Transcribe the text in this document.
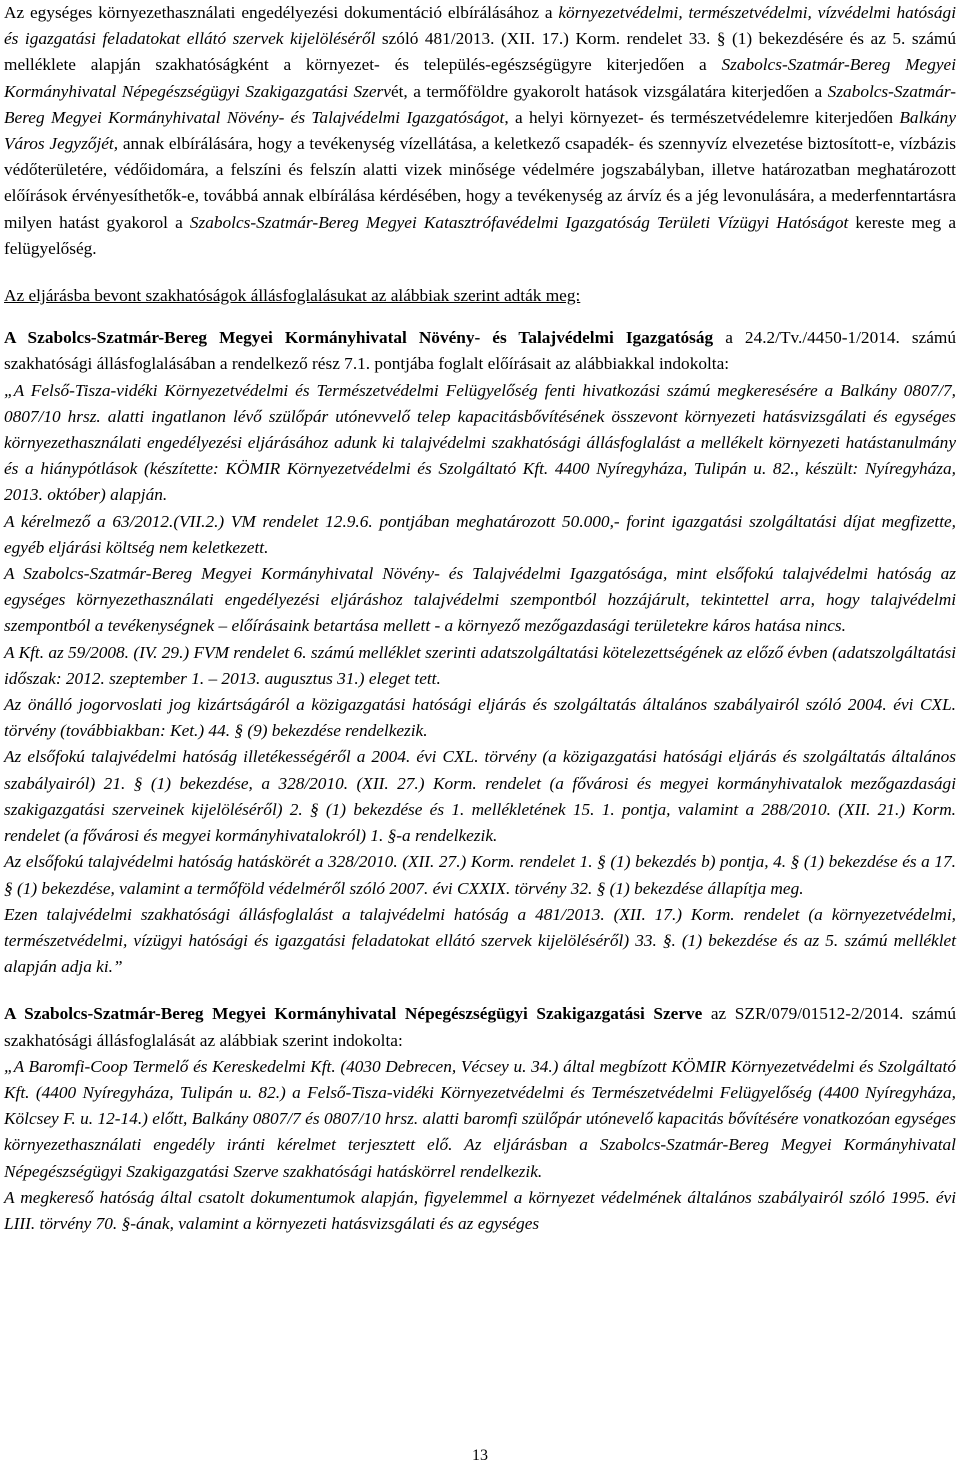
Az egységes környezethasználati engedélyezési dokumentáció elbírálásához a környezetvédelmi, természetvédelmi, vízvédelmi hatósági és igazgatási feladatokat ellátó szervek kijelöléséről szóló 481/2013. (XII. 17.) Korm. rendelet 33. § (1) bekezdésére és az 5. számú melléklete alapján szakhatóságként a környezet- és település-egészségügyre kiterjedően a Szabolcs-Szatmár-Bereg Megyei Kormányhivatal Népegészségügyi Szakigazgatási Szervét, a termőföldre gyakorolt hatások vizsgálatára kiterjedően a Szabolcs-Szatmár-Bereg Megyei Kormányhivatal Növény- és Talajvédelmi Igazgatóságot, a helyi környezet- és természetvédelemre kiterjedően Balkány Város Jegyzőjét, annak elbírálására, hogy a tevékenység vízellátása, a keletkező csapadék- és szennyvíz elvezetése biztosított-e, vízbázis védőterületére, védőidomára, a felszíni és felszín alatti vizek minősége védelmére jogszabályban, illetve határozatban meghatározott előírások érvényesíthetők-e, továbbá annak elbírálása kérdésében, hogy a tevékenység az árvíz és a jég levonulására, a mederfenntartásra milyen hatást gyakorol a Szabolcs-Szatmár-Bereg Megyei Katasztrófavédelmi Igazgatóság Területi Vízügyi Hatóságot kereste meg a felügyelőség.

Az eljárásba bevont szakhatóságok állásfoglalásukat az alábbiak szerint adták meg:

A Szabolcs-Szatmár-Bereg Megyei Kormányhivatal Növény- és Talajvédelmi Igazgatóság a 24.2/Tv./4450-1/2014. számú szakhatósági állásfoglalásában a rendelkező rész 7.1. pontjába foglalt előírásait az alábbiakkal indokolta:

„A Felső-Tisza-vidéki Környezetvédelmi és Természetvédelmi Felügyelőség fenti hivatkozási számú megkeresésére a Balkány 0807/7, 0807/10 hrsz. alatti ingatlanon lévő szülőpár utónevvelő telep kapacitásbővítésének összevont környezeti hatásvizsgálati és egységes környezethasználati engedélyezési eljárásához adunk ki talajvédelmi szakhatósági állásfoglalást a mellékelt környezeti hatástanulmány és a hiánypótlások (készítette: KÖMIR Környezetvédelmi és Szolgáltató Kft. 4400 Nyíregyháza, Tulipán u. 82., készült: Nyíregyháza, 2013. október) alapján.

A kérelmező a 63/2012.(VII.2.) VM rendelet 12.9.6. pontjában meghatározott 50.000,- forint igazgatási szolgáltatási díjat megfizette, egyéb eljárási költség nem keletkezett.

A Szabolcs-Szatmár-Bereg Megyei Kormányhivatal Növény- és Talajvédelmi Igazgatósága, mint elsőfokú talajvédelmi hatóság az egységes környezethasználati engedélyezési eljáráshoz talajvédelmi szempontból hozzájárult, tekintettel arra, hogy talajvédelmi szempontból a tevékenységnek – előírásaink betartása mellett - a környező mezőgazdasági területekre káros hatása nincs.

A Kft. az 59/2008. (IV. 29.) FVM rendelet 6. számú melléklet szerinti adatszolgáltatási kötelezettségének az előző évben (adatszolgáltatási időszak: 2012. szeptember 1. – 2013. augusztus 31.) eleget tett.

Az önálló jogorvoslati jog kizártságáról a közigazgatási hatósági eljárás és szolgáltatás általános szabályairól szóló 2004. évi CXL. törvény (továbbiakban: Ket.) 44. § (9) bekezdése rendelkezik.

Az elsőfokú talajvédelmi hatóság illetékességéről a 2004. évi CXL. törvény (a közigazgatási hatósági eljárás és szolgáltatás általános szabályairól) 21. § (1) bekezdése, a 328/2010. (XII. 27.) Korm. rendelet (a fővárosi és megyei kormányhivatalok mezőgazdasági szakigazgatási szerveinek kijelöléséről) 2. § (1) bekezdése és 1. mellékletének 15. 1. pontja, valamint a 288/2010. (XII. 21.) Korm. rendelet (a fővárosi és megyei kormányhivatalokról) 1. §-a rendelkezik.

Az elsőfokú talajvédelmi hatóság hatáskörét a 328/2010. (XII. 27.) Korm. rendelet 1. § (1) bekezdés b) pontja, 4. § (1) bekezdése és a 17. § (1) bekezdése, valamint a termőföld védelméről szóló 2007. évi CXXIX. törvény 32. § (1) bekezdése állapítja meg.

Ezen talajvédelmi szakhatósági állásfoglalást a talajvédelmi hatóság a 481/2013. (XII. 17.) Korm. rendelet (a környezetvédelmi, természetvédelmi, vízügyi hatósági és igazgatási feladatokat ellátó szervek kijelöléséről) 33. §. (1) bekezdése és az 5. számú melléklet alapján adja ki.”

A Szabolcs-Szatmár-Bereg Megyei Kormányhivatal Népegészségügyi Szakigazgatási Szerve az SZR/079/01512-2/2014. számú szakhatósági állásfoglalását az alábbiak szerint indokolta:

„A Baromfi-Coop Termelő és Kereskedelmi Kft. (4030 Debrecen, Vécsey u. 34.) által megbízott KÖMIR Környezetvédelmi és Szolgáltató Kft. (4400 Nyíregyháza, Tulipán u. 82.) a Felső-Tisza-vidéki Környezetvédelmi és Természetvédelmi Felügyelőség (4400 Nyíregyháza, Kölcsey F. u. 12-14.) előtt, Balkány 0807/7 és 0807/10 hrsz. alatti baromfi szülőpár utónevelő kapacitás bővítésére vonatkozóan egységes környezethasználati engedély iránti kérelmet terjesztett elő. Az eljárásban a Szabolcs-Szatmár-Bereg Megyei Kormányhivatal Népegészségügyi Szakigazgatási Szerve szakhatósági hatáskörrel rendelkezik.

A megkereső hatóság által csatolt dokumentumok alapján, figyelemmel a környezet védelmének általános szabályairól szóló 1995. évi LIII. törvény 70. §-ának, valamint a környezeti hatásvizsgálati és az egységes

13
